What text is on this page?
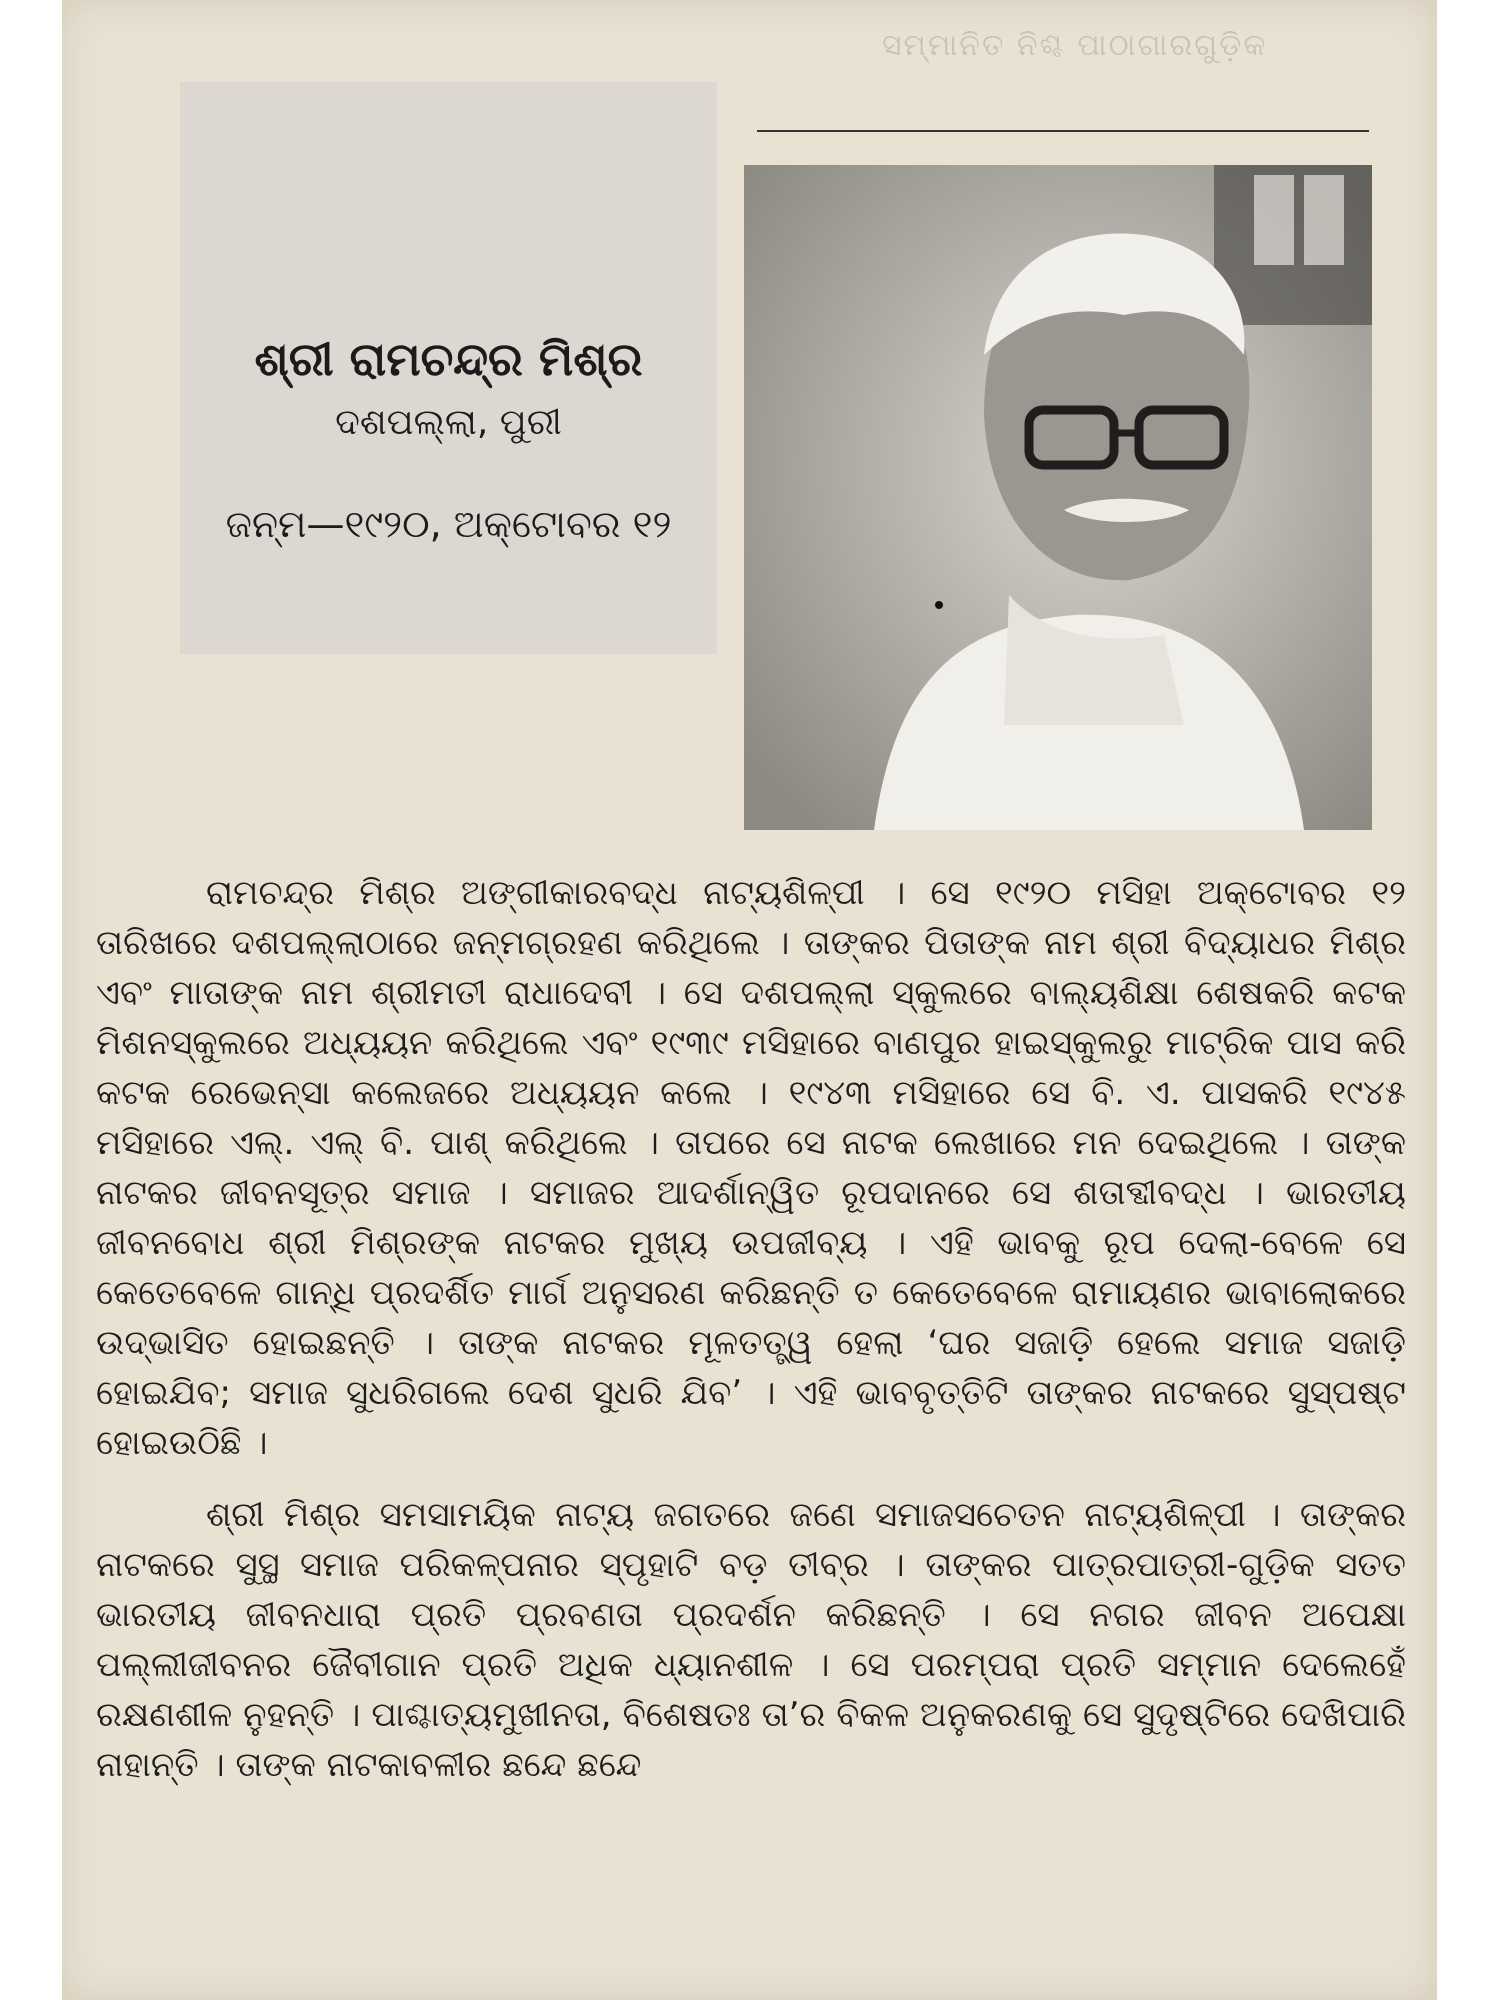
ସମ୍ମାନିତ ନିଶ୍ଚ ପାଠାଗାରଗୁଡ଼ିକ
ଶ୍ରୀ ରାମଚନ୍ଦ୍ର ମିଶ୍ର
ଦଶପଲ୍ଲା, ପୁରୀ
ଜନ୍ମ—୧୯୨୦, ଅକ୍ଟୋବର ୧୨

ରାମଚନ୍ଦ୍ର ମିଶ୍ର ଅଙ୍ଗୀକାରବଦ୍ଧ ନାଟ୍ୟଶିଳ୍ପୀ । ସେ ୧୯୨୦ ମସିହା ଅକ୍ଟୋବର ୧୨ ତାରିଖରେ ଦଶପଲ୍ଲାଠାରେ ଜନ୍ମଗ୍ରହଣ କରିଥିଲେ । ତାଙ୍କର ପିତାଙ୍କ ନାମ ଶ୍ରୀ ବିଦ୍ୟାଧର ମିଶ୍ର ଏବଂ ମାତାଙ୍କ ନାମ ଶ୍ରୀମତୀ ରାଧାଦେବୀ । ସେ ଦଶପଲ୍ଲା ସ୍କୁଲରେ ବାଲ୍ୟଶିକ୍ଷା ଶେଷକରି କଟକ ମିଶନସ୍କୁଲରେ ଅଧ୍ୟୟନ କରିଥିଲେ ଏବଂ ୧୯୩୯ ମସିହାରେ ବାଣପୁର ହାଇସ୍କୁଲରୁ ମାଟ୍ରିକ ପାସ କରି କଟକ ରେଭେନ୍ସା କଲେଜରେ ଅଧ୍ୟୟନ କଲେ । ୧୯୪୩ ମସିହାରେ ସେ ବି. ଏ. ପାସକରି ୧୯୪୫ ମସିହାରେ ଏଲ୍. ଏଲ୍ ବି. ପାଶ୍ କରିଥିଲେ । ତାପରେ ସେ ନାଟକ ଲେଖାରେ ମନ ଦେଇଥିଲେ । ତାଙ୍କ ନାଟକର ଜୀବନସୂତ୍ର ସମାଜ । ସମାଜର ଆଦର୍ଶାନ୍ୱିତ ରୂପଦାନରେ ସେ ଶତାବ୍ଦୀବଦ୍ଧ । ଭାରତୀୟ ଜୀବନବୋଧ ଶ୍ରୀ ମିଶ୍ରଙ୍କ ନାଟକର ମୁଖ୍ୟ ଉପଜୀବ୍ୟ । ଏହି ଭାବକୁ ରୂପ ଦେଲା-ବେଳେ ସେ କେତେବେଳେ ଗାନ୍ଧି ପ୍ରଦର୍ଶିତ ମାର୍ଗ ଅନୁସରଣ କରିଛନ୍ତି ତ କେତେବେଳେ ରାମାୟଣର ଭାବାଲୋକରେ ଉଦ୍ଭାସିତ ହୋଇଛନ୍ତି । ତାଙ୍କ ନାଟକର ମୂଳତତ୍ତ୍ୱ ହେଲା ‘ଘର ସଜାଡ଼ି ହେଲେ ସମାଜ ସଜାଡ଼ି ହୋଇଯିବ; ସମାଜ ସୁଧରିଗଲେ ଦେଶ ସୁଧରି ଯିବ’ । ଏହି ଭାବବୃତ୍ତିଟି ତାଙ୍କର ନାଟକରେ ସୁସ୍ପଷ୍ଟ ହୋଇଉଠିଛି ।

ଶ୍ରୀ ମିଶ୍ର ସମସାମୟିକ ନାଟ୍ୟ ଜଗତରେ ଜଣେ ସମାଜସଚେତନ ନାଟ୍ୟଶିଳ୍ପୀ । ତାଙ୍କର ନାଟକରେ ସୁସ୍ଥ ସମାଜ ପରିକଳ୍ପନାର ସ୍ପୃହାଟି ବଡ଼ ତୀବ୍ର । ତାଙ୍କର ପାତ୍ରପାତ୍ରୀ-ଗୁଡ଼ିକ ସତତ ଭାରତୀୟ ଜୀବନଧାରା ପ୍ରତି ପ୍ରବଣତା ପ୍ରଦର୍ଶନ କରିଛନ୍ତି । ସେ ନଗର ଜୀବନ ଅପେକ୍ଷା ପଲ୍ଲୀଜୀବନର ଜୈବୀଗାନ ପ୍ରତି ଅଧିକ ଧ୍ୟାନଶୀଳ । ସେ ପରମ୍ପରା ପ୍ରତି ସମ୍ମାନ ଦେଲେହେଁ ରକ୍ଷଣଶୀଳ ନୁହନ୍ତି । ପାଶ୍ଚାତ୍ୟମୁଖୀନତା, ବିଶେଷତଃ ତା’ର ବିକଳ ଅନୁକରଣକୁ ସେ ସୁଦୃଷ୍ଟିରେ ଦେଖିପାରି ନାହାନ୍ତି । ତାଙ୍କ ନାଟକାବଳୀର ଛନ୍ଦେ ଛନ୍ଦେ
